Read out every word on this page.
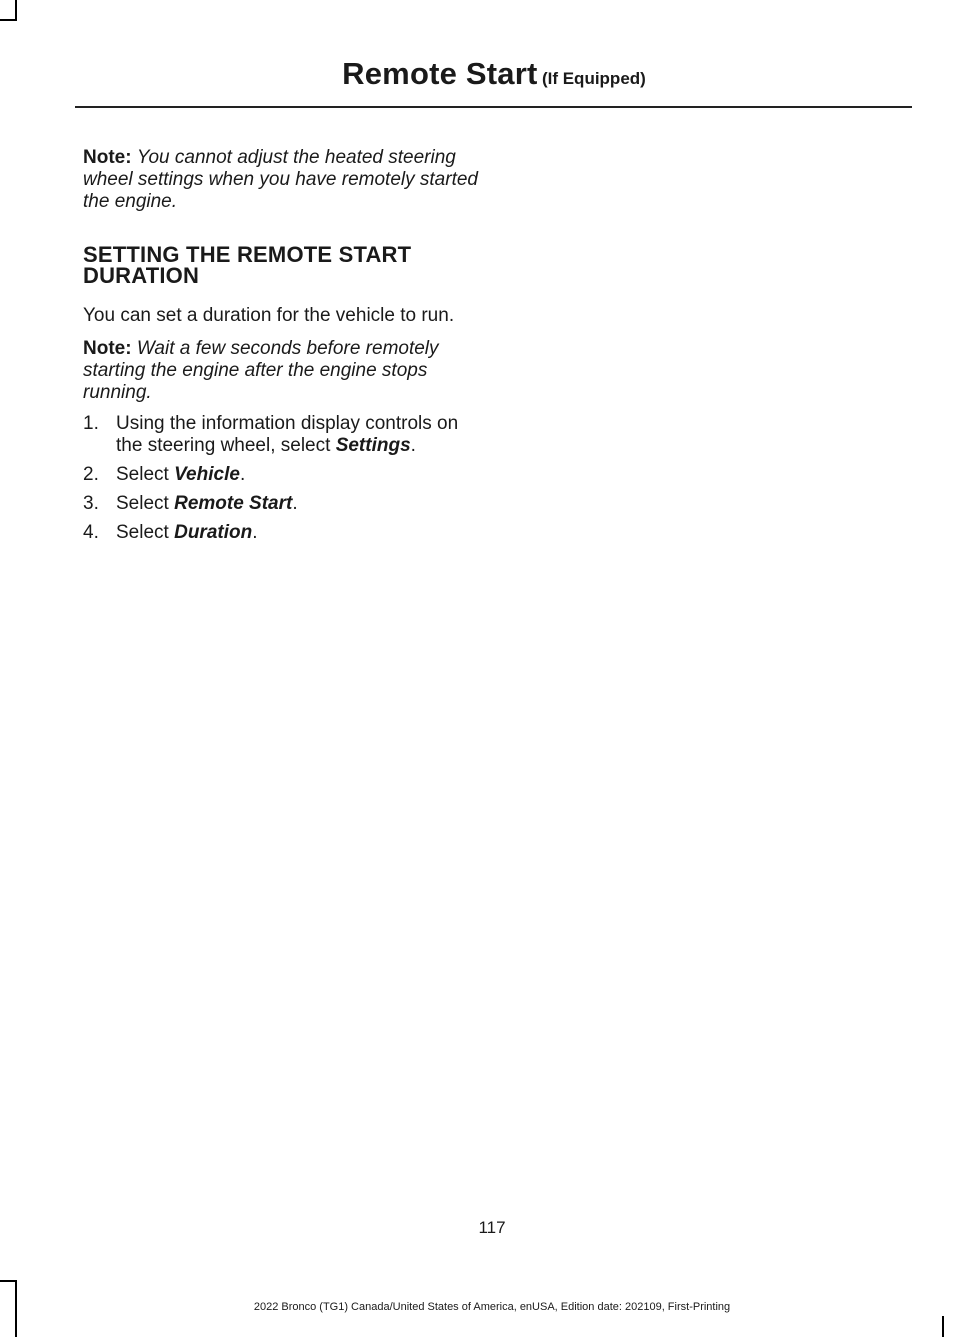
Remote Start (If Equipped)

Note: You cannot adjust the heated steering wheel settings when you have remotely started the engine.

SETTING THE REMOTE START DURATION

You can set a duration for the vehicle to run.

Note: Wait a few seconds before remotely starting the engine after the engine stops running.

1. Using the information display controls on the steering wheel, select Settings.
2. Select Vehicle.
3. Select Remote Start.
4. Select Duration.
117
2022 Bronco (TG1) Canada/United States of America, enUSA, Edition date: 202109, First-Printing
